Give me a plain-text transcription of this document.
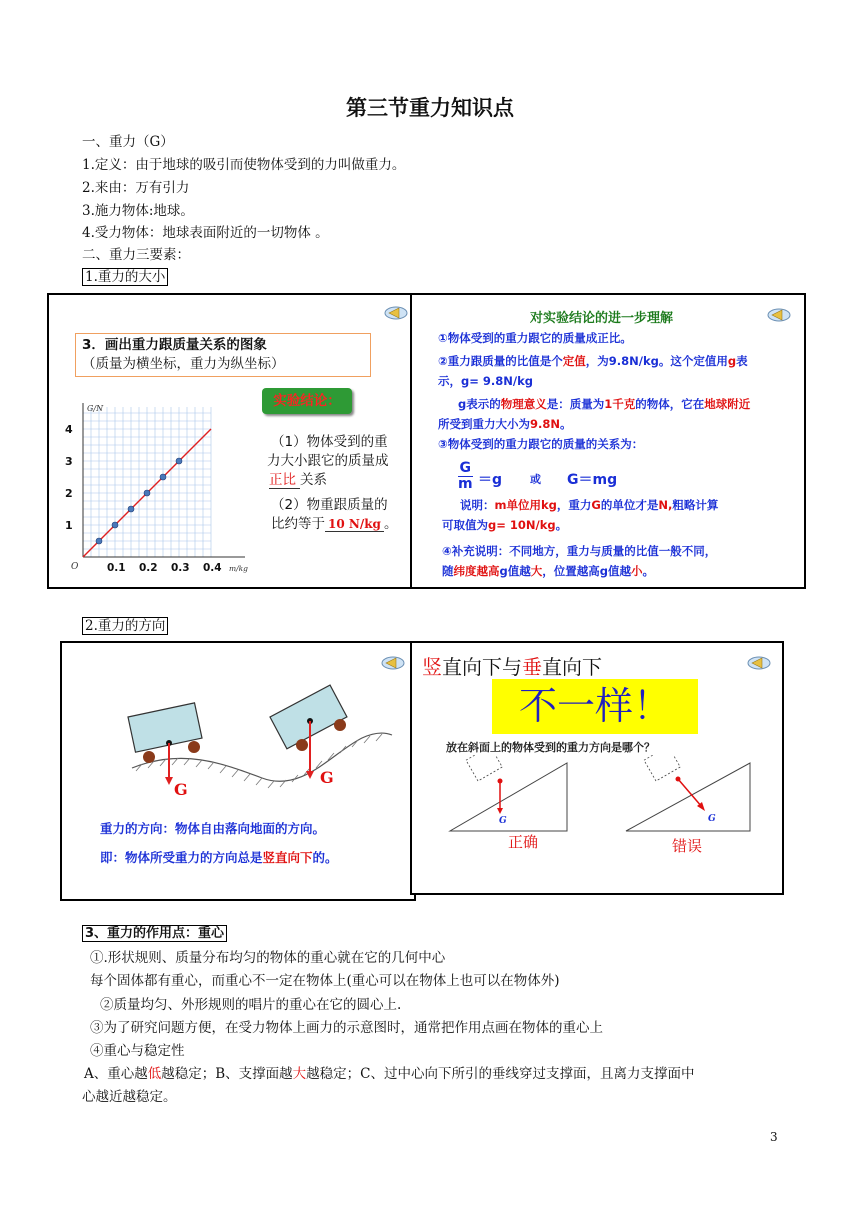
第三节重力知识点
一、重力（G）
1.定义：由于地球的吸引而使物体受到的力叫做重力。
2.来由：万有引力
3.施力物体:地球。
4.受力物体：地球表面附近的一切物体 。
二、重力三要素：
1.重力的大小
3．画出重力跟质量关系的图象
（质量为横坐标，重力为纵坐标）
0.1 0.2 0.3 0.4
1
2
3
4
G/N
m/kg
O
实验结论：
（1）物体受到的重
力大小跟它的质量成
正比 关系
（2）物重跟质量的
比约等于 10 N/kg 。
对实验结论的进一步理解
①物体受到的重力跟它的质量成正比。
②重力跟质量的比值是个定值，为9.8N/kg。这个定值用g表
示，g= 9.8N/kg
g表示的物理意义是：质量为1千克的物体，它在地球附近
所受到重力大小为9.8N。
③物体受到的重力跟它的质量的关系为：
$\frac{G}{m} =g$	或 G＝mg
说明：m单位用kg，重力G的单位才是N,粗略计算
可取值为g= 10N/kg。
④补充说明：不同地方，重力与质量的比值一般不同，
随纬度越高g值越大，位置越高g值越小。
2.重力的方向
G
G
重力的方向：物体自由落向地面的方向。
即：物体所受重力的方向总是竖直向下的。
竖直向下与垂直向下
不一样！
放在斜面上的物体受到的重力方向是哪个？
G	G
正确	错误
3、重力的作用点：重心
①.形状规则、质量分布均匀的物体的重心就在它的几何中心
每个固体都有重心，而重心不一定在物体上(重心可以在物体上也可以在物体外)
②质量均匀、外形规则的唱片的重心在它的圆心上.
③为了研究问题方便，在受力物体上画力的示意图时，通常把作用点画在物体的重心上
④重心与稳定性
A、重心越低越稳定；B、支撑面越大越稳定；C、过中心向下所引的垂线穿过支撑面，且离力支撑面中
心越近越稳定。
3
